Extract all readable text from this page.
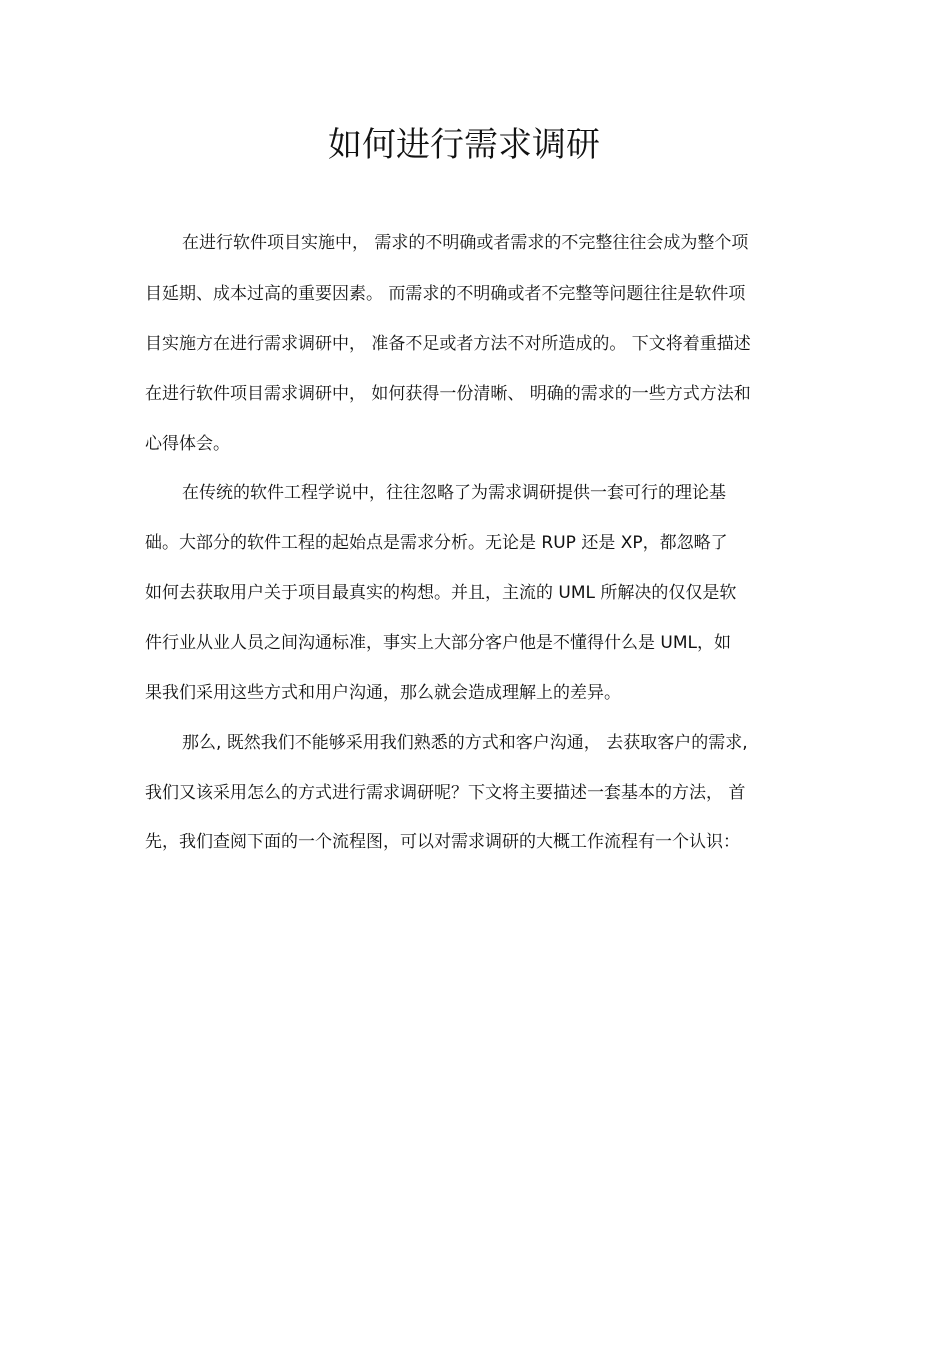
如何进行需求调研

在进行软件项目实施中， 需求的不明确或者需求的不完整往往会成为整个项

目延期、成本过高的重要因素。 而需求的不明确或者不完整等问题往往是软件项

目实施方在进行需求调研中， 准备不足或者方法不对所造成的。 下文将着重描述

在进行软件项目需求调研中， 如何获得一份清晰、 明确的需求的一些方式方法和

心得体会。

在传统的软件工程学说中，往往忽略了为需求调研提供一套可行的理论基

础。大部分的软件工程的起始点是需求分析。无论是 RUP 还是 XP，都忽略了

如何去获取用户关于项目最真实的构想。并且，主流的 UML 所解决的仅仅是软

件行业从业人员之间沟通标准，事实上大部分客户他是不懂得什么是 UML，如

果我们采用这些方式和用户沟通，那么就会造成理解上的差异。

那么, 既然我们不能够采用我们熟悉的方式和客户沟通， 去获取客户的需求,

我们又该采用怎么的方式进行需求调研呢？下文将主要描述一套基本的方法， 首

先，我们查阅下面的一个流程图，可以对需求调研的大概工作流程有一个认识：
